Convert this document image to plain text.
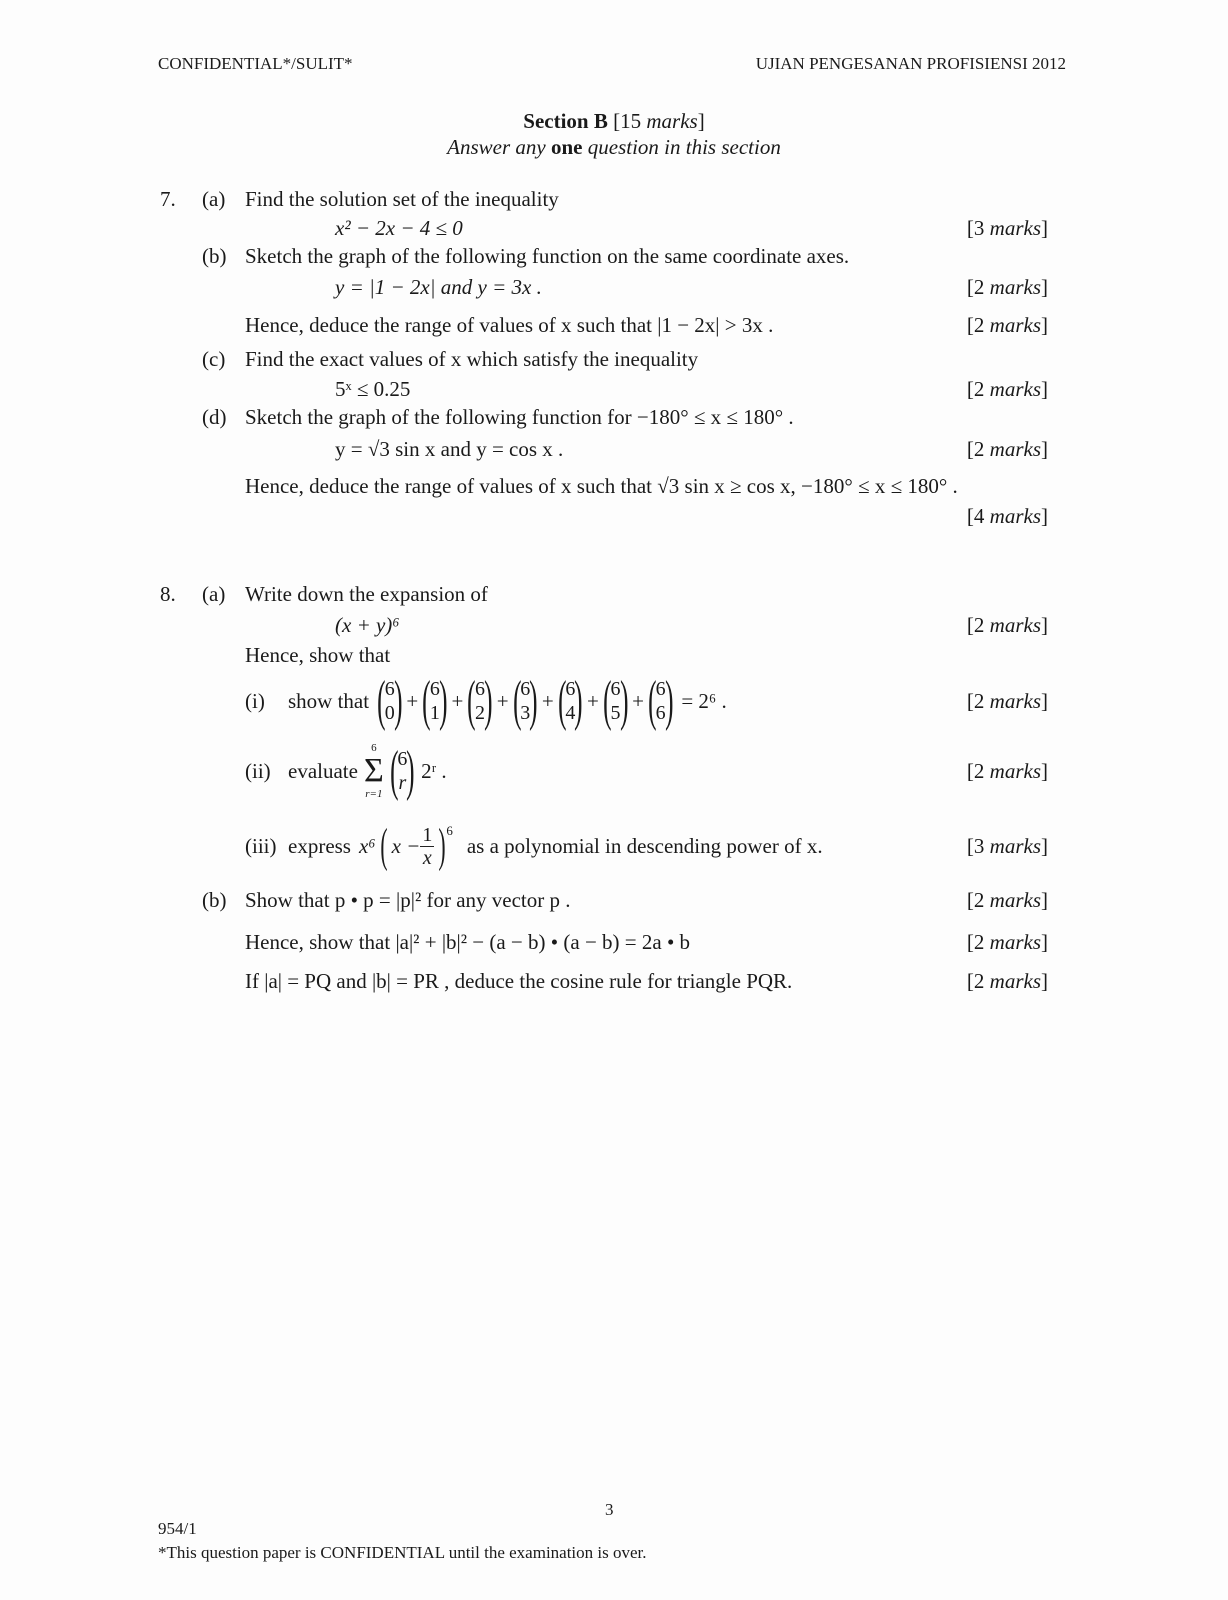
CONFIDENTIAL*/SULIT*	UJIAN PENGESANAN PROFISIENSI 2012
Section B [15 marks]
Answer any one question in this section
7. (a) Find the solution set of the inequality
x² − 2x − 4 ≤ 0	[3 marks]
(b) Sketch the graph of the following function on the same coordinate axes.
y = |1 − 2x| and y = 3x .	[2 marks]
Hence, deduce the range of values of x such that |1 − 2x| > 3x .	[2 marks]
(c) Find the exact values of x which satisfy the inequality
5ˣ ≤ 0.25	[2 marks]
(d) Sketch the graph of the following function for −180° ≤ x ≤ 180° .
y = √3 sin x and y = cos x .	[2 marks]
Hence, deduce the range of values of x such that √3 sin x ≥ cos x, −180° ≤ x ≤ 180° .
[4 marks]
8. (a) Write down the expansion of
(x + y)⁶	[2 marks]
Hence, show that
(i) show that ( 6
0 ) + ( 6
1 ) + ( 6
2 ) + ( 6
3 ) + ( 6
4 ) + ( 6
5 ) + ( 6
6 ) = 2⁶ .	[2 marks]
(ii) evaluate
6
Σ
r=1 ( 6
r ) 2ʳ .	[2 marks]
(iii) express x⁶ ( $x - \frac{1}{x}$ ) 6
as a polynomial in descending power of x.	[3 marks]
(b) Show that p • p = |p|² for any vector p .	[2 marks]
Hence, show that |a|² + |b|² − (a − b) • (a − b) = 2a • b	[2 marks]
If |a| = PQ and |b| = PR , deduce the cosine rule for triangle PQR.	[2 marks]
3
954/1
*This question paper is CONFIDENTIAL until the examination is over.
